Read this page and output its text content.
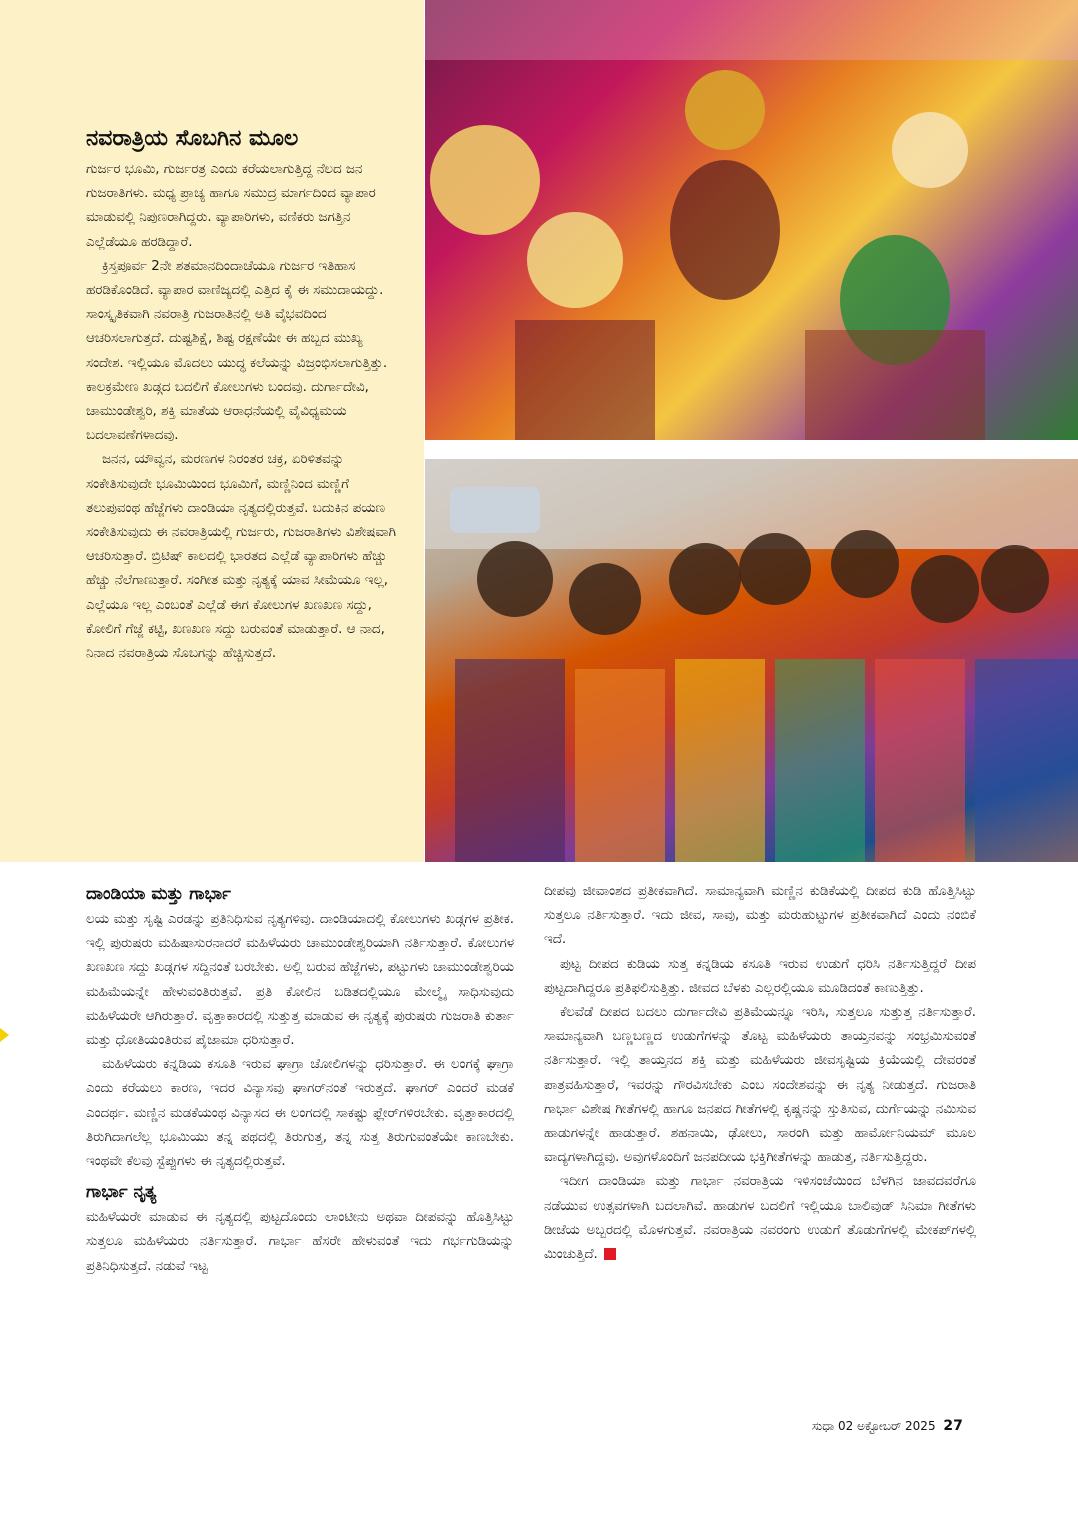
ನವರಾತ್ರಿಯ ಸೊಬಗಿನ ಮೂಲ

ಗುರ್ಜರ ಭೂಮಿ, ಗುರ್ಜರತ್ರ ಎಂದು ಕರೆಯಲಾಗುತ್ತಿದ್ದ ನೆಲದ ಜನ ಗುಜರಾತಿಗಳು. ಮಧ್ಯ ಪ್ರಾಚ್ಯ ಹಾಗೂ ಸಮುದ್ರ ಮಾರ್ಗದಿಂದ ವ್ಯಾಪಾರ ಮಾಡುವಲ್ಲಿ ನಿಪುಣರಾಗಿದ್ದರು. ವ್ಯಾಪಾರಿಗಳು, ವಣಿಕರು ಜಗತ್ತಿನ ಎಲ್ಲೆಡೆಯೂ ಹರಡಿದ್ದಾರೆ.

ಕ್ರಿಸ್ತಪೂರ್ವ 2ನೇ ಶತಮಾನದಿಂದಾಚೆಯೂ ಗುರ್ಜರ ಇತಿಹಾಸ ಹರಡಿಕೊಂಡಿದೆ. ವ್ಯಾಪಾರ ವಾಣಿಜ್ಯದಲ್ಲಿ ಎತ್ತಿದ ಕೈ ಈ ಸಮುದಾಯದ್ದು. ಸಾಂಸ್ಕೃತಿಕವಾಗಿ ನವರಾತ್ರಿ ಗುಜರಾತಿನಲ್ಲಿ ಅತಿ ವೈಭವದಿಂದ ಆಚರಿಸಲಾಗುತ್ತದೆ. ದುಷ್ಟಶಿಕ್ಷೆ, ಶಿಷ್ಟ ರಕ್ಷಣೆಯೇ ಈ ಹಬ್ಬದ ಮುಖ್ಯ ಸಂದೇಶ. ಇಲ್ಲಿಯೂ ಮೊದಲು ಯುದ್ಧ ಕಲೆಯನ್ನು ವಿಜ್ರಂಭಿಸಲಾಗುತ್ತಿತ್ತು. ಕಾಲಕ್ರಮೇಣ ಖಡ್ಗದ ಬದಲಿಗೆ ಕೋಲುಗಳು ಬಂದವು. ದುರ್ಗಾದೇವಿ, ಚಾಮುಂಡೇಶ್ವರಿ, ಶಕ್ತಿ ಮಾತೆಯ ಆರಾಧನೆಯಲ್ಲಿ ವೈವಿಧ್ಯಮಯ ಬದಲಾವಣೆಗಳಾದವು.

ಜನನ, ಯೌವ್ವನ, ಮರಣಗಳ ನಿರಂತರ ಚಕ್ರ, ಏರಿಳಿತವನ್ನು ಸಂಕೇತಿಸುವುದೇ ಭೂಮಿಯಿಂದ ಭೂಮಿಗೆ, ಮಣ್ಣಿನಿಂದ ಮಣ್ಣಿಗೆ ತಲುಪುವಂಥ ಹೆಜ್ಜೆಗಳು ದಾಂಡಿಯಾ ನೃತ್ಯದಲ್ಲಿರುತ್ತವೆ. ಬದುಕಿನ ಪಯಣ ಸಂಕೇತಿಸುವುದು ಈ ನವರಾತ್ರಿಯಲ್ಲಿ ಗುರ್ಜರು, ಗುಜರಾತಿಗಳು ವಿಶೇಷವಾಗಿ ಆಚರಿಸುತ್ತಾರೆ. ಬ್ರಿಟಿಷ್ ಕಾಲದಲ್ಲಿ ಭಾರತದ ಎಲ್ಲೆಡೆ ವ್ಯಾಪಾರಿಗಳು ಹೆಚ್ಚು ಹೆಚ್ಚು ನೆಲೆಗಾಣುತ್ತಾರೆ. ಸಂಗೀತ ಮತ್ತು ನೃತ್ಯಕ್ಕೆ ಯಾವ ಸೀಮೆಯೂ ಇಲ್ಲ, ಎಲ್ಲೆಯೂ ಇಲ್ಲ ಎಂಬಂತೆ ಎಲ್ಲೆಡೆ ಈಗ ಕೋಲುಗಳ ಖಣಖಣ ಸದ್ದು, ಕೋಲಿಗೆ ಗೆಜ್ಜೆ ಕಟ್ಟಿ, ಖಣಖಣ ಸದ್ದು ಬರುವಂತೆ ಮಾಡುತ್ತಾರೆ. ಆ ನಾದ, ನಿನಾದ ನವರಾತ್ರಿಯ ಸೊಬಗನ್ನು ಹೆಚ್ಚಿಸುತ್ತದೆ.

ದಾಂಡಿಯಾ ಮತ್ತು ಗಾರ್ಭಾ

ಲಯ ಮತ್ತು ಸೃಷ್ಟಿ ಎರಡನ್ನು ಪ್ರತಿನಿಧಿಸುವ ನೃತ್ಯಗಳಿವು. ದಾಂಡಿಯಾದಲ್ಲಿ ಕೋಲುಗಳು ಖಡ್ಗಗಳ ಪ್ರತೀಕ. ಇಲ್ಲಿ ಪುರುಷರು ಮಹಿಷಾಸುರನಾದರೆ ಮಹಿಳೆಯರು ಚಾಮುಂಡೇಶ್ವರಿಯಾಗಿ ನರ್ತಿಸುತ್ತಾರೆ. ಕೋಲುಗಳ ಖಣಖಣ ಸದ್ದು ಖಡ್ಗಗಳ ಸದ್ದಿನಂತೆ ಬರಬೇಕು. ಅಲ್ಲಿ ಬರುವ ಹೆಜ್ಜೆಗಳು, ಪಟ್ಟುಗಳು ಚಾಮುಂಡೇಶ್ವರಿಯ ಮಹಿಮೆಯನ್ನೇ ಹೇಳುವಂತಿರುತ್ತವೆ. ಪ್ರತಿ ಕೋಲಿನ ಬಡಿತದಲ್ಲಿಯೂ ಮೇಲ್ಮೈ ಸಾಧಿಸುವುದು ಮಹಿಳೆಯರೇ ಆಗಿರುತ್ತಾರೆ. ವೃತ್ತಾಕಾರದಲ್ಲಿ ಸುತ್ತುತ್ತ ಮಾಡುವ ಈ ನೃತ್ಯಕ್ಕೆ ಪುರುಷರು ಗುಜರಾತಿ ಕುರ್ತಾ ಮತ್ತು ಧೋತಿಯಂತಿರುವ ಪೈಜಾಮಾ ಧರಿಸುತ್ತಾರೆ.

ಮಹಿಳೆಯರು ಕನ್ನಡಿಯ ಕಸೂತಿ ಇರುವ ಘಾಗ್ರಾ ಚೋಲಿಗಳನ್ನು ಧರಿಸುತ್ತಾರೆ. ಈ ಲಂಗಕ್ಕೆ ಘಾಗ್ರಾ ಎಂದು ಕರೆಯಲು ಕಾರಣ, ಇದರ ವಿನ್ಯಾಸವು ಘಾಗರ್‌ನಂತೆ ಇರುತ್ತದೆ. ಘಾಗರ್ ಎಂದರೆ ಮಡಕೆ ಎಂದರ್ಥ. ಮಣ್ಣಿನ ಮಡಕೆಯಂಥ ವಿನ್ಯಾಸದ ಈ ಲಂಗದಲ್ಲಿ ಸಾಕಷ್ಟು ಫ್ಲೇರ್‌ಗಳಿರಬೇಕು. ವೃತ್ತಾಕಾರದಲ್ಲಿ ತಿರುಗಿದಾಗಲೆಲ್ಲ ಭೂಮಿಯು ತನ್ನ ಪಥದಲ್ಲಿ ತಿರುಗುತ್ತ, ತನ್ನ ಸುತ್ತ ತಿರುಗುವಂತೆಯೇ ಕಾಣಬೇಕು. ಇಂಥವೇ ಕೆಲವು ಸ್ಟೆಪ್ಪುಗಳು ಈ ನೃತ್ಯದಲ್ಲಿರುತ್ತವೆ.

ಗಾರ್ಭಾ ನೃತ್ಯ

ಮಹಿಳೆಯರೇ ಮಾಡುವ ಈ ನೃತ್ಯದಲ್ಲಿ ಪುಟ್ಟದೊಂದು ಲಾಂಟೀನು ಅಥವಾ ದೀಪವನ್ನು ಹೊತ್ತಿಸಿಟ್ಟು ಸುತ್ತಲೂ ಮಹಿಳೆಯರು ನರ್ತಿಸುತ್ತಾರೆ. ಗಾರ್ಭಾ ಹೆಸರೇ ಹೇಳುವಂತೆ ಇದು ಗರ್ಭಗುಡಿಯನ್ನು ಪ್ರತಿನಿಧಿಸುತ್ತದೆ. ನಡುವೆ ಇಟ್ಟ

ದೀಪವು ಜೀವಾಂಶದ ಪ್ರತೀಕವಾಗಿದೆ. ಸಾಮಾನ್ಯವಾಗಿ ಮಣ್ಣಿನ ಕುಡಿಕೆಯಲ್ಲಿ ದೀಪದ ಕುಡಿ ಹೊತ್ತಿಸಿಟ್ಟು ಸುತ್ತಲೂ ನರ್ತಿಸುತ್ತಾರೆ. ಇದು ಜೀವ, ಸಾವು, ಮತ್ತು ಮರುಹುಟ್ಟುಗಳ ಪ್ರತೀಕವಾಗಿದೆ ಎಂದು ನಂಬಿಕೆ ಇದೆ.

ಪುಟ್ಟ ದೀಪದ ಕುಡಿಯ ಸುತ್ತ ಕನ್ನಡಿಯ ಕಸೂತಿ ಇರುವ ಉಡುಗೆ ಧರಿಸಿ ನರ್ತಿಸುತ್ತಿದ್ದರೆ ದೀಪ ಪುಟ್ಟದಾಗಿದ್ದರೂ ಪ್ರತಿಫಲಿಸುತ್ತಿತ್ತು. ಜೀವದ ಬೆಳಕು ಎಲ್ಲರಲ್ಲಿಯೂ ಮೂಡಿದಂತೆ ಕಾಣುತ್ತಿತ್ತು.

ಕೆಲವೆಡೆ ದೀಪದ ಬದಲು ದುರ್ಗಾದೇವಿ ಪ್ರತಿಮೆಯನ್ನೂ ಇರಿಸಿ, ಸುತ್ತಲೂ ಸುತ್ತುತ್ತ ನರ್ತಿಸುತ್ತಾರೆ. ಸಾಮಾನ್ಯವಾಗಿ ಬಣ್ಣಬಣ್ಣದ ಉಡುಗೆಗಳನ್ನು ತೊಟ್ಟ ಮಹಿಳೆಯರು ತಾಯ್ತನವನ್ನು ಸಂಭ್ರಮಿಸುವಂತೆ ನರ್ತಿಸುತ್ತಾರೆ. ಇಲ್ಲಿ ತಾಯ್ತನದ ಶಕ್ತಿ ಮತ್ತು ಮಹಿಳೆಯರು ಜೀವಸೃಷ್ಟಿಯ ಕ್ರಿಯೆಯಲ್ಲಿ ದೇವರಂತೆ ಪಾತ್ರವಹಿಸುತ್ತಾರೆ, ಇವರನ್ನು ಗೌರವಿಸಬೇಕು ಎಂಬ ಸಂದೇಶವನ್ನು ಈ ನೃತ್ಯ ನೀಡುತ್ತದೆ. ಗುಜರಾತಿ ಗಾರ್ಭಾ ವಿಶೇಷ ಗೀತೆಗಳಲ್ಲಿ ಹಾಗೂ ಜನಪದ ಗೀತೆಗಳಲ್ಲಿ ಕೃಷ್ಣನನ್ನು ಸ್ತುತಿಸುವ, ದುರ್ಗೆಯನ್ನು ನಮಿಸುವ ಹಾಡುಗಳನ್ನೇ ಹಾಡುತ್ತಾರೆ. ಶಹನಾಯಿ, ಢೋಲು, ಸಾರಂಗಿ ಮತ್ತು ಹಾರ್ಮೋನಿಯಮ್ ಮೂಲ ವಾದ್ಯಗಳಾಗಿದ್ದವು. ಅವುಗಳೊಂದಿಗೆ ಜನಪದೀಯ ಭಕ್ತಿಗೀತೆಗಳನ್ನು ಹಾಡುತ್ತ, ನರ್ತಿಸುತ್ತಿದ್ದರು.

ಇದೀಗ ದಾಂಡಿಯಾ ಮತ್ತು ಗಾರ್ಭಾ ನವರಾತ್ರಿಯ ಇಳಿಸಂಜೆಯಿಂದ ಬೆಳಗಿನ ಜಾವದವರೆಗೂ ನಡೆಯುವ ಉತ್ಸವಗಳಾಗಿ ಬದಲಾಗಿವೆ. ಹಾಡುಗಳ ಬದಲಿಗೆ ಇಲ್ಲಿಯೂ ಬಾಲಿವುಡ್ ಸಿನಿಮಾ ಗೀತೆಗಳು ಡೀಜೆಯ ಅಬ್ಬರದಲ್ಲಿ ಮೊಳಗುತ್ತವೆ. ನವರಾತ್ರಿಯ ನವರಂಗು ಉಡುಗೆ ತೊಡುಗೆಗಳಲ್ಲಿ ಮೇಕಪ್‌ಗಳಲ್ಲಿ ಮಿಂಚುತ್ತಿದೆ.

ಸುಧಾ 02 ಅಕ್ಟೋಬರ್ 2025 27
